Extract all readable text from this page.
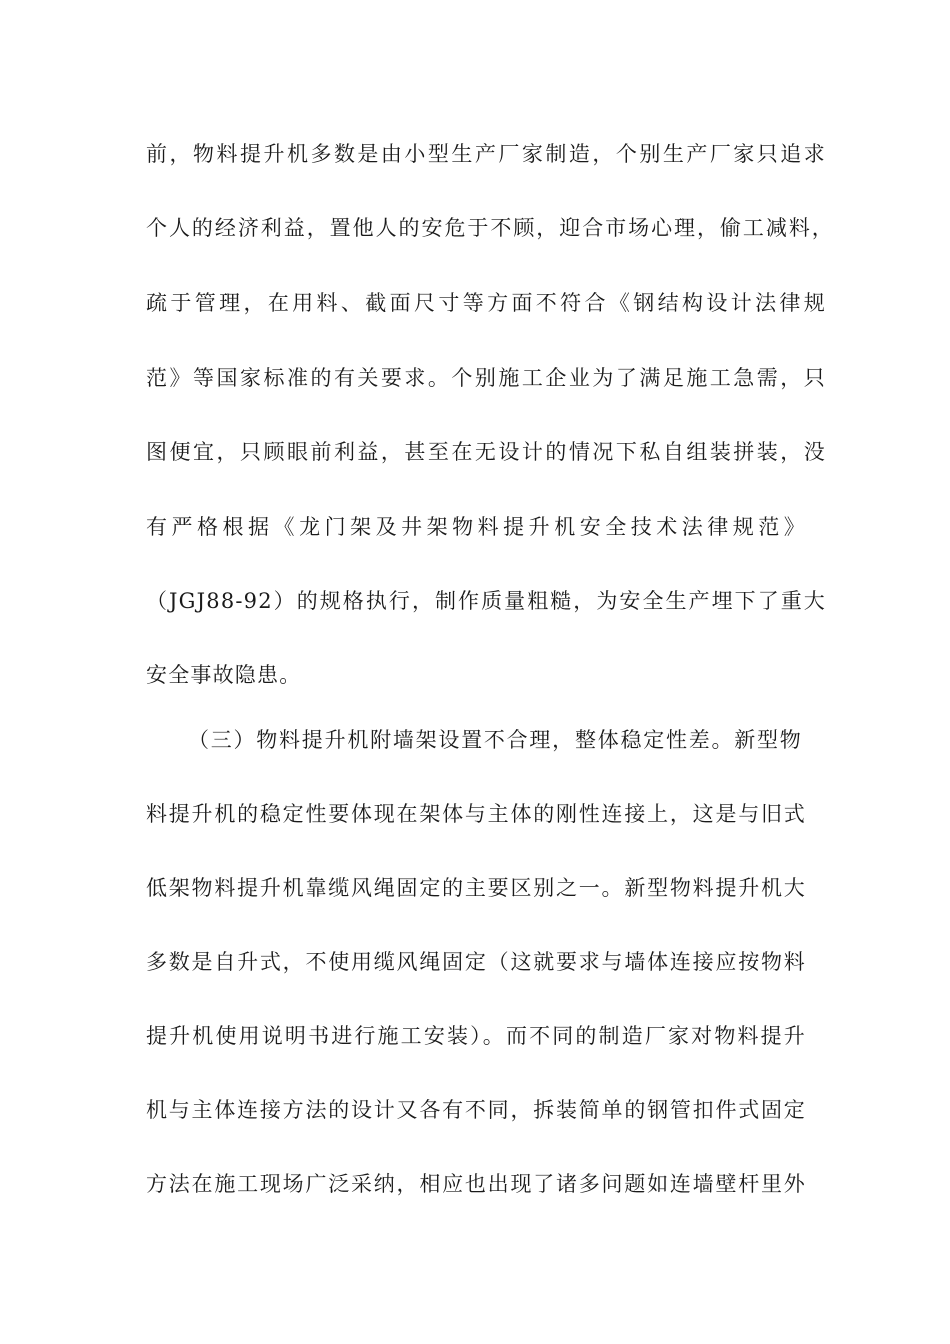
前，物料提升机多数是由小型生产厂家制造，个别生产厂家只追求
个人的经济利益，置他人的安危于不顾，迎合市场心理，偷工减料，
疏于管理，在用料、截面尺寸等方面不符合《钢结构设计法律规
范》等国家标准的有关要求。个别施工企业为了满足施工急需，只
图便宜，只顾眼前利益，甚至在无设计的情况下私自组装拼装，没
有严格根据《龙门架及井架物料提升机安全技术法律规范》
（JGJ88-92）的规格执行，制作质量粗糙，为安全生产埋下了重大
安全事故隐患。
（三）物料提升机附墙架设置不合理，整体稳定性差。新型物
料提升机的稳定性要体现在架体与主体的刚性连接上，这是与旧式
低架物料提升机靠缆风绳固定的主要区别之一。新型物料提升机大
多数是自升式，不使用缆风绳固定（这就要求与墙体连接应按物料
提升机使用说明书进行施工安装）。而不同的制造厂家对物料提升
机与主体连接方法的设计又各有不同，拆装简单的钢管扣件式固定
方法在施工现场广泛采纳，相应也出现了诸多问题如连墙壁杆里外
